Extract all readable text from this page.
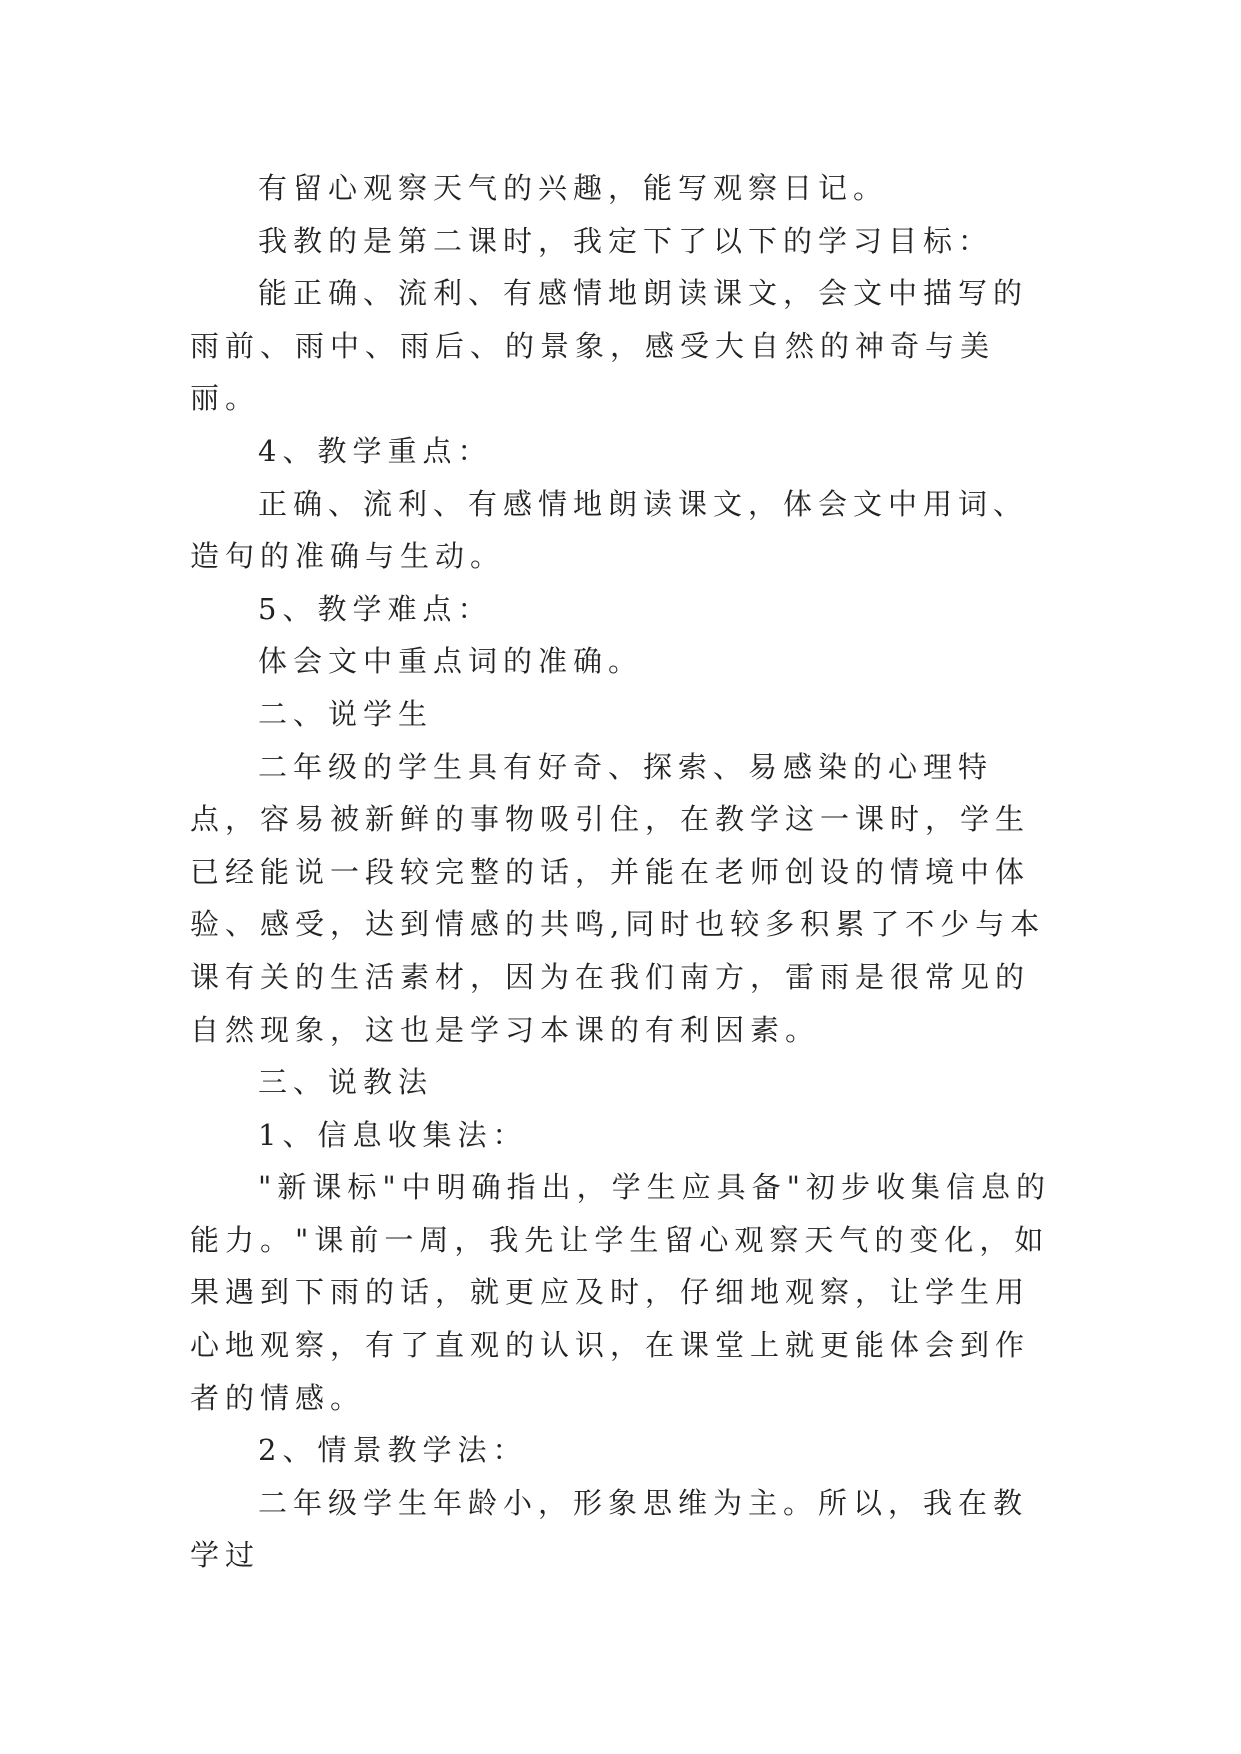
有留心观察天气的兴趣，能写观察日记。

我教的是第二课时，我定下了以下的学习目标：

能正确、流利、有感情地朗读课文，会文中描写的雨前、雨中、雨后、的景象，感受大自然的神奇与美丽。

4、教学重点：

正确、流利、有感情地朗读课文，体会文中用词、造句的准确与生动。

5、教学难点：

体会文中重点词的准确。

二、说学生

二年级的学生具有好奇、探索、易感染的心理特点，容易被新鲜的事物吸引住，在教学这一课时，学生已经能说一段较完整的话，并能在老师创设的情境中体验、感受，达到情感的共鸣,同时也较多积累了不少与本课有关的生活素材，因为在我们南方，雷雨是很常见的自然现象，这也是学习本课的有利因素。

三、说教法

1、信息收集法：

"新课标"中明确指出，学生应具备"初步收集信息的能力。"课前一周，我先让学生留心观察天气的变化，如果遇到下雨的话，就更应及时，仔细地观察，让学生用心地观察，有了直观的认识，在课堂上就更能体会到作者的情感。

2、情景教学法：

二年级学生年龄小，形象思维为主。所以，我在教学过
